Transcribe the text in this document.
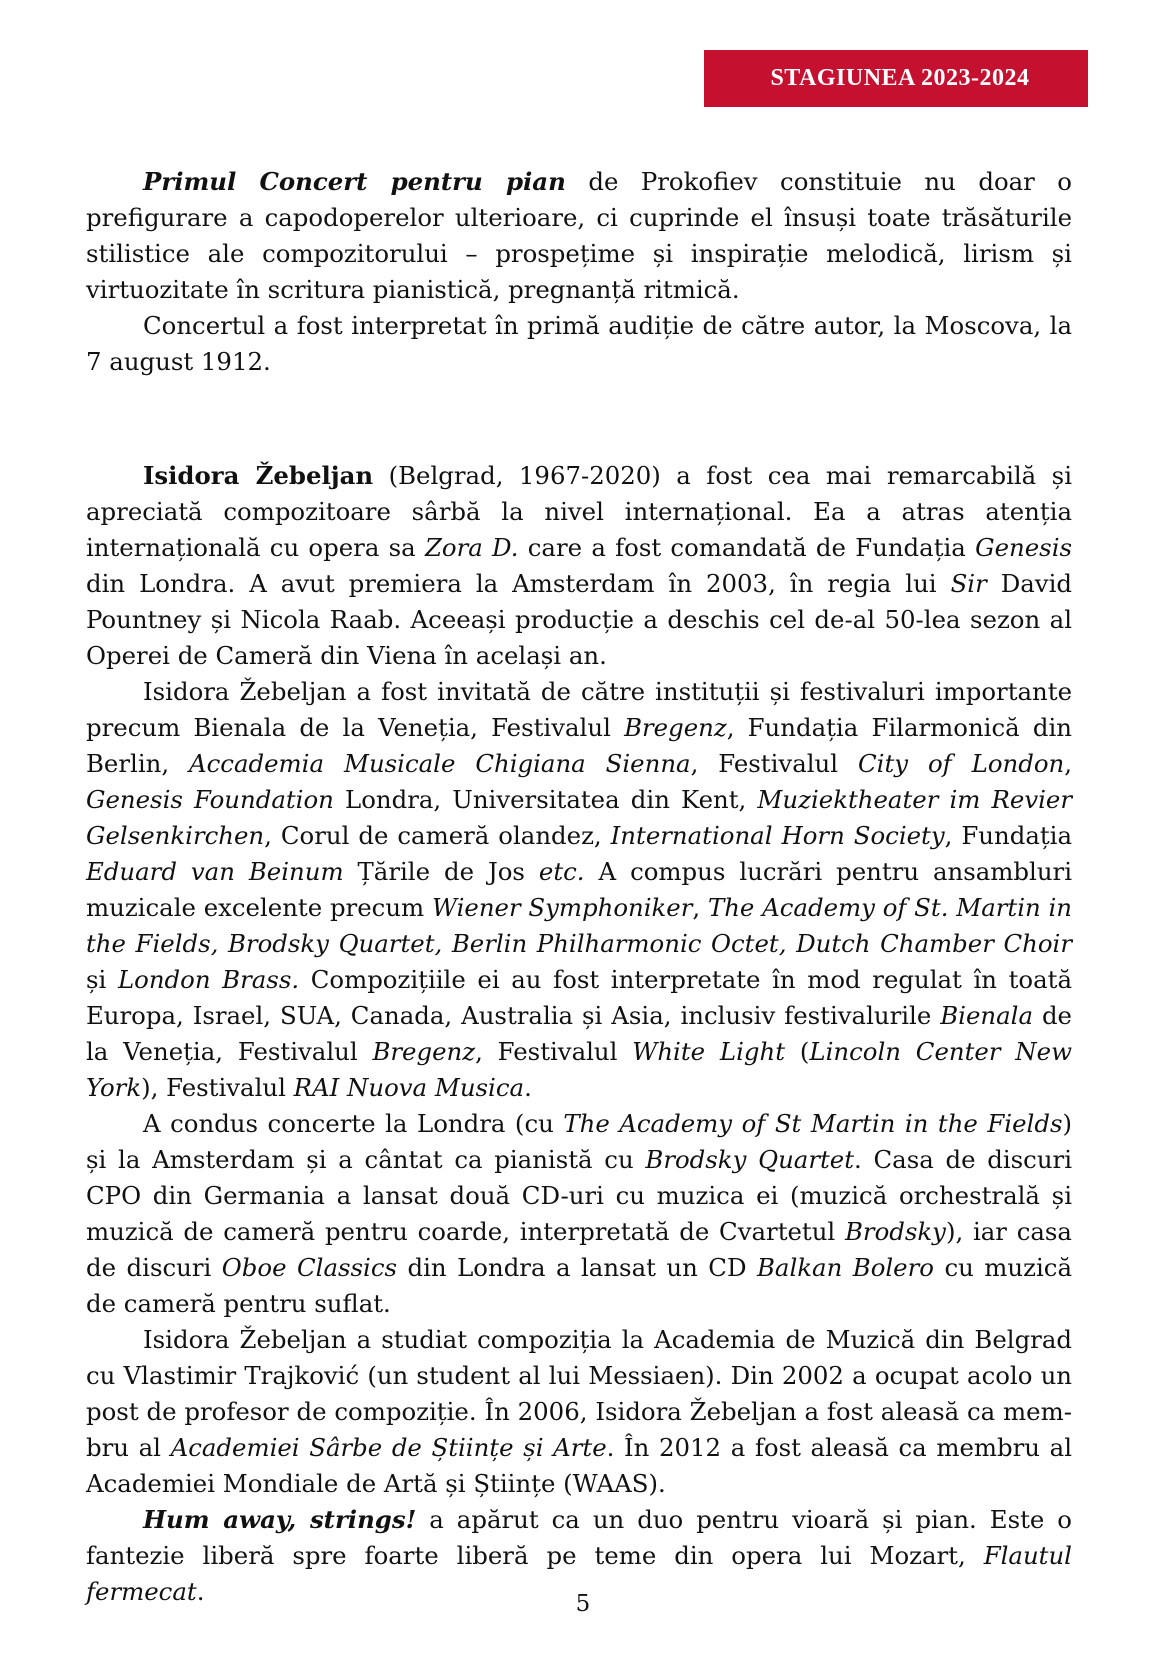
STAGIUNEA 2023-2024

Primul Concert pentru pian de Prokofiev constituie nu doar o prefigurare a capodoperelor ulterioare, ci cuprinde el însuși toate trăsăturile stilistice ale compozitorului – prospețime și inspirație melodică, lirism și virtuozitate în scritura pianistică, pregnanță ritmică.

Concertul a fost interpretat în primă audiție de către autor, la Moscova, la 7 august 1912.

Isidora Žebeljan (Belgrad, 1967-2020) a fost cea mai remarcabilă și apreciată compozitoare sârbă la nivel internațional. Ea a atras atenția internațională cu opera sa Zora D. care a fost comandată de Fundația Genesis din Londra. A avut premiera la Amsterdam în 2003, în regia lui Sir David Pountney și Nicola Raab. Aceeași producție a deschis cel de-al 50-lea sezon al Operei de Cameră din Viena în același an.

Isidora Žebeljan a fost invitată de către instituții și festivaluri importante precum Bienala de la Veneția, Festivalul Bregenz, Fundația Filarmonică din Berlin, Accademia Musicale Chigiana Sienna, Festivalul City of London, Genesis Foundation Londra, Universitatea din Kent, Muziektheater im Revier Gelsenkirchen, Corul de cameră olandez, International Horn Society, Fundația Eduard van Beinum Țările de Jos etc. A compus lucrări pentru ansambluri muzicale excelente precum Wiener Symphoniker, The Academy of St. Martin in the Fields, Brodsky Quartet, Berlin Philharmonic Octet, Dutch Chamber Choir și London Brass. Compozițiile ei au fost interpretate în mod regulat în toată Europa, Israel, SUA, Canada, Australia și Asia, inclusiv festivalurile Bienala de la Veneția, Festivalul Bregenz, Festivalul White Light (Lincoln Center New York), Festivalul RAI Nuova Musica.

A condus concerte la Londra (cu The Academy of St Martin in the Fields) și la Amsterdam și a cântat ca pianistă cu Brodsky Quartet. Casa de discuri CPO din Germania a lansat două CD-uri cu muzica ei (muzică orchestrală și muzică de cameră pentru coarde, interpretată de Cvartetul Brodsky), iar casa de discuri Oboe Classics din Londra a lansat un CD Balkan Bolero cu muzică de cameră pentru suflat.

Isidora Žebeljan a studiat compoziția la Academia de Muzică din Belgrad cu Vlastimir Trajković (un student al lui Messiaen). Din 2002 a ocupat acolo un post de profesor de compoziție. În 2006, Isidora Žebeljan a fost aleasă ca membru al Academiei Sârbe de Științe și Arte. În 2012 a fost aleasă ca membru al Academiei Mondiale de Artă și Științe (WAAS).

Hum away, strings! a apărut ca un duo pentru vioară și pian. Este o fantezie liberă spre foarte liberă pe teme din opera lui Mozart, Flautul fermecat.	5
